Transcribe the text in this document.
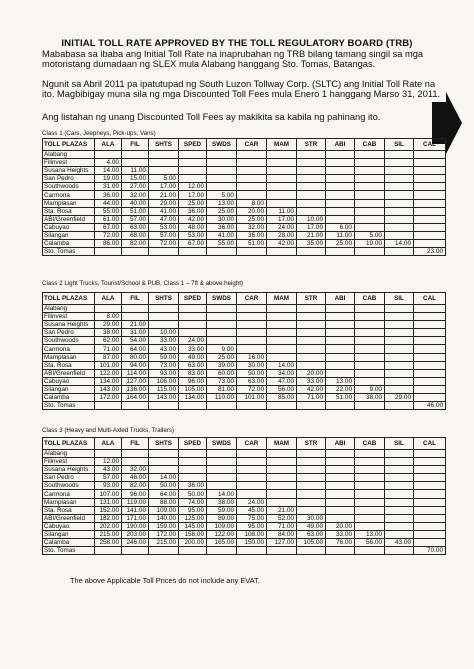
INITIAL TOLL RATE APPROVED BY THE TOLL REGULATORY BOARD (TRB)
Mababasa sa ibaba ang Initial Toll Rate na inaprubahan ng TRB bilang tamang singil sa mga motoristang dumadaan ng SLEX mula Alabang hanggang Sto. Tomas, Batangas.
Ngunit sa Abril 2011 pa ipatutupad ng South Luzon Tollway Corp. (SLTC) ang Initial Toll Rate na ito. Magbibigay muna sila ng mga Discounted Toll Fees mula Enero 1 hanggang Marso 31, 2011.
Ang listahan ng unang Discounted Toll Fees ay makikita sa kabila ng pahinang ito.
Class 1 (Cars, Jeepneys, Pick-ups, Vans)
TOLL PLAZAS	ALA	FIL	SHTS	SPED	SWDS	CAR	MAM	STR	ABI	CAB	SIL	CAL
Alabang												
Filinvest	4.00											
Susana Heights	14.00	11.00										
San Pedro	19.00	15.00	5.00									
Southwoods	31.00	27.00	17.00	12.00								
Carmona	36.00	32.00	21.00	17.00	5.00							
Mamplasan	44.00	40.00	29.00	25.00	13.00	8.00						
Sta. Rosa	55.00	51.00	41.00	36.00	25.00	20.00	11.00					
ABI/Greenfield	61.00	57.00	47.00	42.00	30.00	25.00	17.00	10.00				
Cabuyao	67.00	63.00	53.00	48.00	36.00	32.00	24.00	17.00	6.00			
Silangan	72.00	68.00	57.00	53.00	41.00	36.00	28.00	21.00	11.00	5.00		
Calamba	86.00	82.00	72.00	67.00	55.00	51.00	42.00	35.00	25.00	19.00	14.00	
Sto. Tomas												23.00
Class 2 Light Trucks, Tourist/School & PUB, Class 1 – 7ft & above height)
TOLL PLAZAS	ALA	FIL	SHTS	SPED	SWDS	CAR	MAM	STR	ABI	CAB	SIL	CAL
Alabang												
Filinvest	8.00											
Susana Heights	29.00	21.00										
San Pedro	38.00	31.00	10.00									
Southwoods	62.00	54.00	33.00	24.00								
Carmona	71.00	64.00	43.00	33.00	9.00							
Mamplasan	87.00	80.00	59.00	49.00	25.00	16.00						
Sta. Rosa	101.00	94.00	73.00	63.00	39.00	30.00	14.00					
ABI/Greenfield	122.00	114.00	93.00	83.00	60.00	50.00	34.00	20.00				
Cabuyao	134.00	127.00	106.00	96.00	73.00	63.00	47.00	33.00	13.00			
Silangan	143.00	136.00	115.00	105.00	81.00	72.00	56.00	42.00	22.00	9.00		
Calamba	172.00	164.00	143.00	134.00	110.00	101.00	85.00	71.00	51.00	38.00	29.00	
Sto. Tomas												46.00
Class 3 (Heavy and Multi-Axled Trucks, Trailers)
TOLL PLAZAS	ALA	FIL	SHTS	SPED	SWDS	CAR	MAM	STR	ABI	CAB	SIL	CAL
Alabang												
Filinvest	12.00											
Susana Heights	43.00	32.00										
San Pedro	57.00	46.00	14.00									
Southwoods	93.00	82.00	50.00	36.00								
Carmona	107.00	96.00	64.00	50.00	14.00							
Mamplasan	131.00	119.00	88.00	74.00	38.00	24.00						
Sta. Rosa	152.00	141.00	109.00	95.00	59.00	45.00	21.00					
ABI/Greenfield	182.00	171.00	140.00	125.00	89.00	75.00	52.00	30.00				
Cabuyao	202.00	190.00	159.00	145.00	109.00	95.00	71.00	49.00	20.00			
Silangan	215.00	203.00	172.00	158.00	122.00	108.00	84.00	63.00	33.00	13.00		
Calamba	258.00	246.00	215.00	200.00	165.00	150.00	127.00	105.00	76.00	56.00	43.00	
Sto. Tomas												70.00
The above Applicable Toll Prices do not include any EVAT.
